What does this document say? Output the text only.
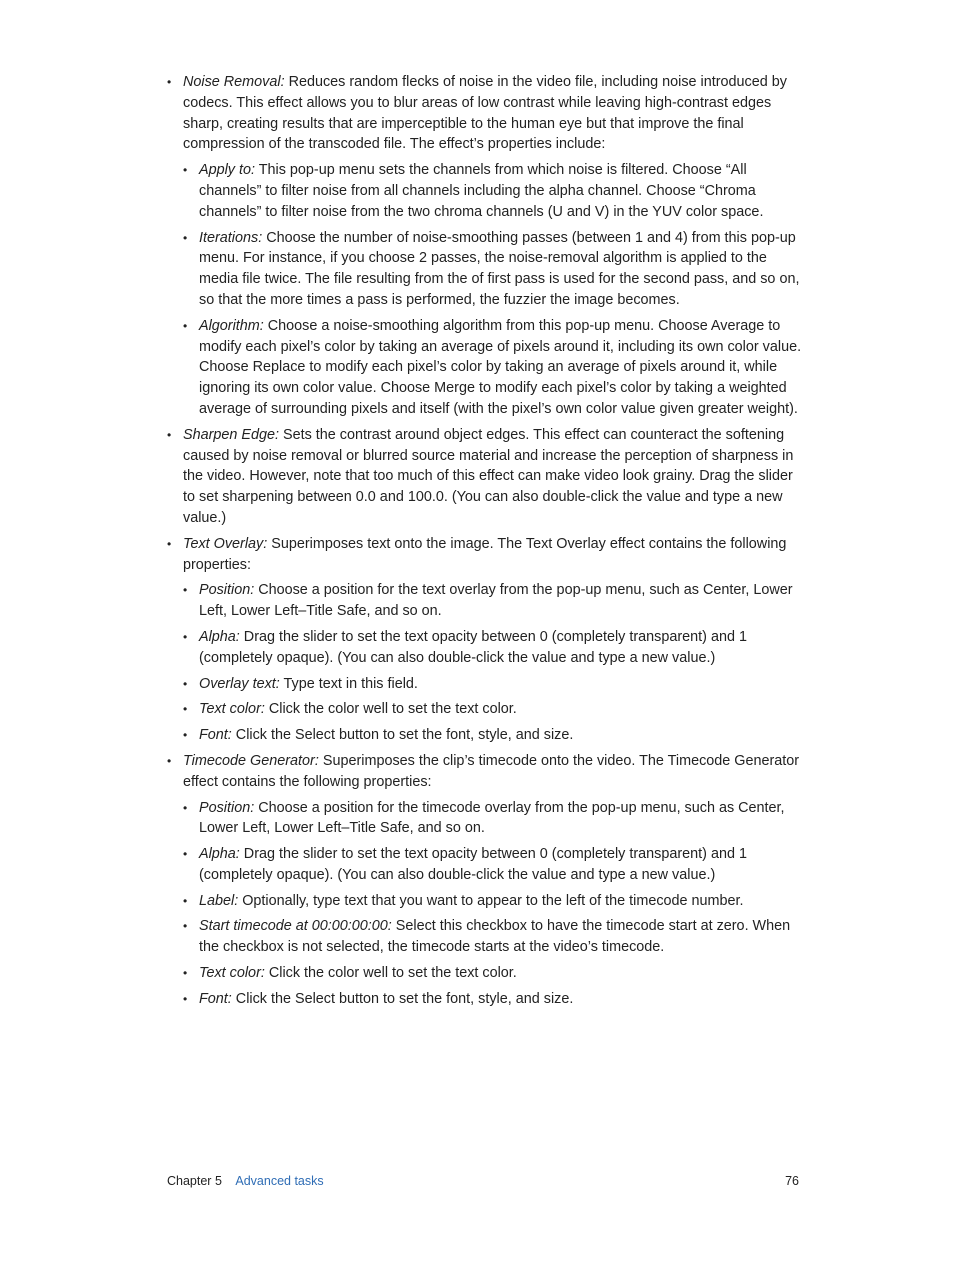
• Noise Removal: Reduces random flecks of noise in the video file, including noise introduced by codecs. This effect allows you to blur areas of low contrast while leaving high-contrast edges sharp, creating results that are imperceptible to the human eye but that improve the final compression of the transcoded file. The effect’s properties include:
• Apply to: This pop-up menu sets the channels from which noise is filtered. Choose “All channels” to filter noise from all channels including the alpha channel. Choose “Chroma channels” to filter noise from the two chroma channels (U and V) in the YUV color space.
• Iterations: Choose the number of noise-smoothing passes (between 1 and 4) from this pop-up menu. For instance, if you choose 2 passes, the noise-removal algorithm is applied to the media file twice. The file resulting from the of first pass is used for the second pass, and so on, so that the more times a pass is performed, the fuzzier the image becomes.
• Algorithm: Choose a noise-smoothing algorithm from this pop-up menu. Choose Average to modify each pixel’s color by taking an average of pixels around it, including its own color value. Choose Replace to modify each pixel’s color by taking an average of pixels around it, while ignoring its own color value. Choose Merge to modify each pixel’s color by taking a weighted average of surrounding pixels and itself (with the pixel’s own color value given greater weight).
• Sharpen Edge: Sets the contrast around object edges. This effect can counteract the softening caused by noise removal or blurred source material and increase the perception of sharpness in the video. However, note that too much of this effect can make video look grainy. Drag the slider to set sharpening between 0.0 and 100.0. (You can also double-click the value and type a new value.)
• Text Overlay: Superimposes text onto the image. The Text Overlay effect contains the following properties:
• Position: Choose a position for the text overlay from the pop-up menu, such as Center, Lower Left, Lower Left–Title Safe, and so on.
• Alpha: Drag the slider to set the text opacity between 0 (completely transparent) and 1 (completely opaque). (You can also double-click the value and type a new value.)
• Overlay text: Type text in this field.
• Text color: Click the color well to set the text color.
• Font: Click the Select button to set the font, style, and size.
• Timecode Generator: Superimposes the clip’s timecode onto the video. The Timecode Generator effect contains the following properties:
• Position: Choose a position for the timecode overlay from the pop-up menu, such as Center, Lower Left, Lower Left–Title Safe, and so on.
• Alpha: Drag the slider to set the text opacity between 0 (completely transparent) and 1 (completely opaque). (You can also double-click the value and type a new value.)
• Label: Optionally, type text that you want to appear to the left of the timecode number.
• Start timecode at 00:00:00:00: Select this checkbox to have the timecode start at zero. When the checkbox is not selected, the timecode starts at the video’s timecode.
• Text color: Click the color well to set the text color.
• Font: Click the Select button to set the font, style, and size.
Chapter 5 Advanced tasks	76
